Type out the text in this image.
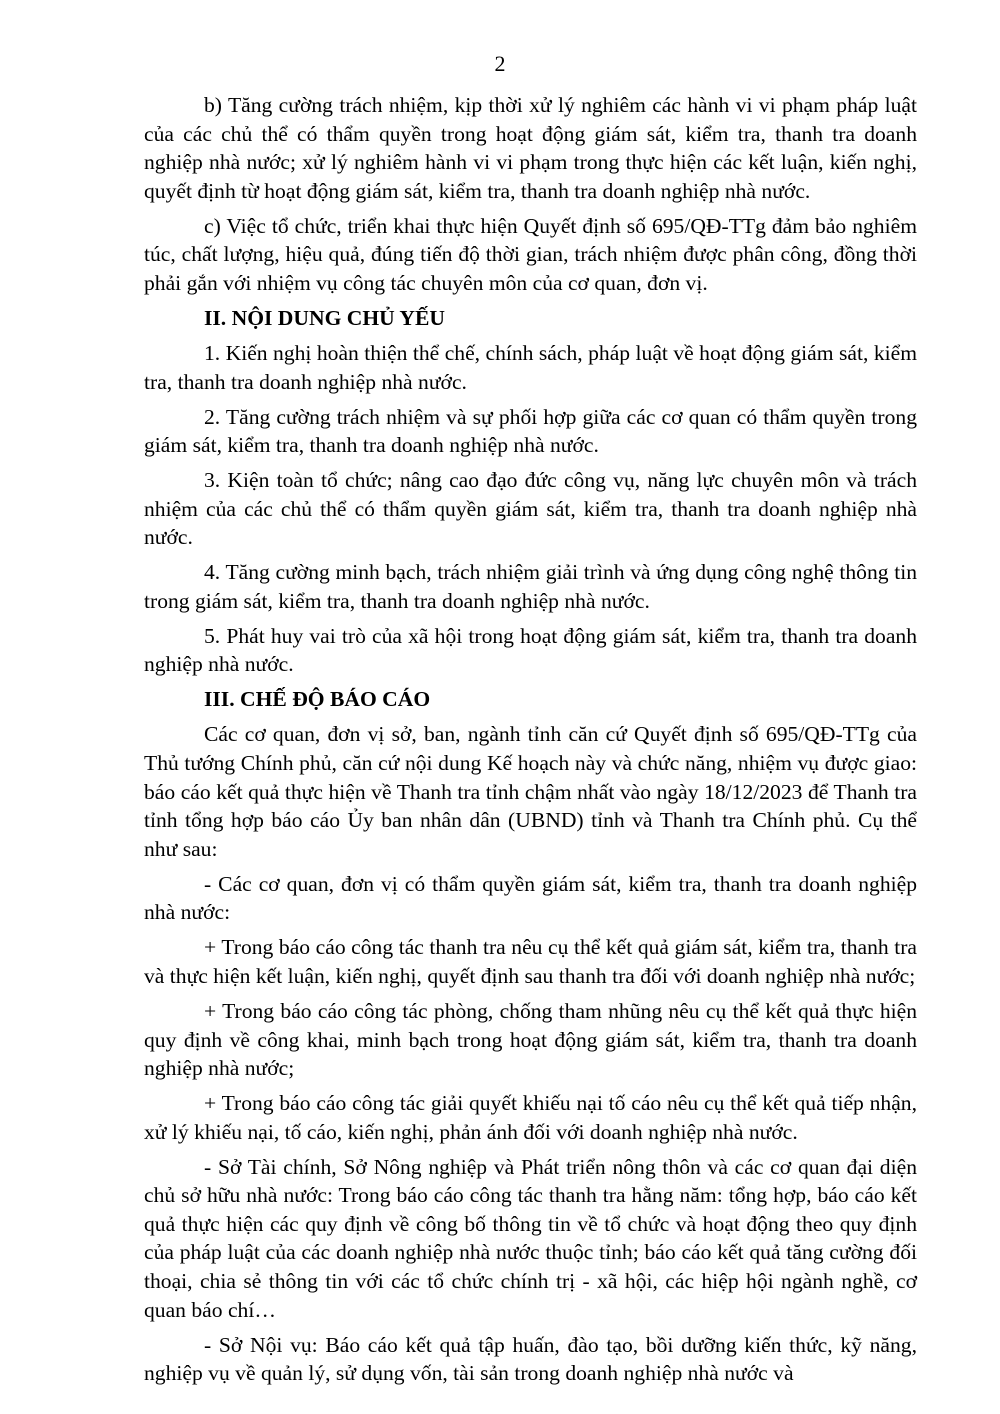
2

b) Tăng cường trách nhiệm, kịp thời xử lý nghiêm các hành vi vi phạm pháp luật của các chủ thể có thẩm quyền trong hoạt động giám sát, kiểm tra, thanh tra doanh nghiệp nhà nước; xử lý nghiêm hành vi vi phạm trong thực hiện các kết luận, kiến nghị, quyết định từ hoạt động giám sát, kiểm tra, thanh tra doanh nghiệp nhà nước.

c) Việc tổ chức, triển khai thực hiện Quyết định số 695/QĐ-TTg đảm bảo nghiêm túc, chất lượng, hiệu quả, đúng tiến độ thời gian, trách nhiệm được phân công, đồng thời phải gắn với nhiệm vụ công tác chuyên môn của cơ quan, đơn vị.

II. NỘI DUNG CHỦ YẾU

1. Kiến nghị hoàn thiện thể chế, chính sách, pháp luật về hoạt động giám sát, kiểm tra, thanh tra doanh nghiệp nhà nước.

2. Tăng cường trách nhiệm và sự phối hợp giữa các cơ quan có thẩm quyền trong giám sát, kiểm tra, thanh tra doanh nghiệp nhà nước.

3. Kiện toàn tổ chức; nâng cao đạo đức công vụ, năng lực chuyên môn và trách nhiệm của các chủ thể có thẩm quyền giám sát, kiểm tra, thanh tra doanh nghiệp nhà nước.

4. Tăng cường minh bạch, trách nhiệm giải trình và ứng dụng công nghệ thông tin trong giám sát, kiểm tra, thanh tra doanh nghiệp nhà nước.

5. Phát huy vai trò của xã hội trong hoạt động giám sát, kiểm tra, thanh tra doanh nghiệp nhà nước.

III. CHẾ ĐỘ BÁO CÁO

Các cơ quan, đơn vị sở, ban, ngành tỉnh căn cứ Quyết định số 695/QĐ-TTg của Thủ tướng Chính phủ, căn cứ nội dung Kế hoạch này và chức năng, nhiệm vụ được giao: báo cáo kết quả thực hiện về Thanh tra tỉnh chậm nhất vào ngày 18/12/2023 để Thanh tra tỉnh tổng hợp báo cáo Ủy ban nhân dân (UBND) tỉnh và Thanh tra Chính phủ. Cụ thể như sau:

- Các cơ quan, đơn vị có thẩm quyền giám sát, kiểm tra, thanh tra doanh nghiệp nhà nước:

+ Trong báo cáo công tác thanh tra nêu cụ thể kết quả giám sát, kiểm tra, thanh tra và thực hiện kết luận, kiến nghị, quyết định sau thanh tra đối với doanh nghiệp nhà nước;

+ Trong báo cáo công tác phòng, chống tham nhũng nêu cụ thể kết quả thực hiện quy định về công khai, minh bạch trong hoạt động giám sát, kiểm tra, thanh tra doanh nghiệp nhà nước;

+ Trong báo cáo công tác giải quyết khiếu nại tố cáo nêu cụ thể kết quả tiếp nhận, xử lý khiếu nại, tố cáo, kiến nghị, phản ánh đối với doanh nghiệp nhà nước.

- Sở Tài chính, Sở Nông nghiệp và Phát triển nông thôn và các cơ quan đại diện chủ sở hữu nhà nước: Trong báo cáo công tác thanh tra hằng năm: tổng hợp, báo cáo kết quả thực hiện các quy định về công bố thông tin về tổ chức và hoạt động theo quy định của pháp luật của các doanh nghiệp nhà nước thuộc tỉnh; báo cáo kết quả tăng cường đối thoại, chia sẻ thông tin với các tổ chức chính trị - xã hội, các hiệp hội ngành nghề, cơ quan báo chí…

- Sở Nội vụ: Báo cáo kết quả tập huấn, đào tạo, bồi dưỡng kiến thức, kỹ năng, nghiệp vụ về quản lý, sử dụng vốn, tài sản trong doanh nghiệp nhà nước và
